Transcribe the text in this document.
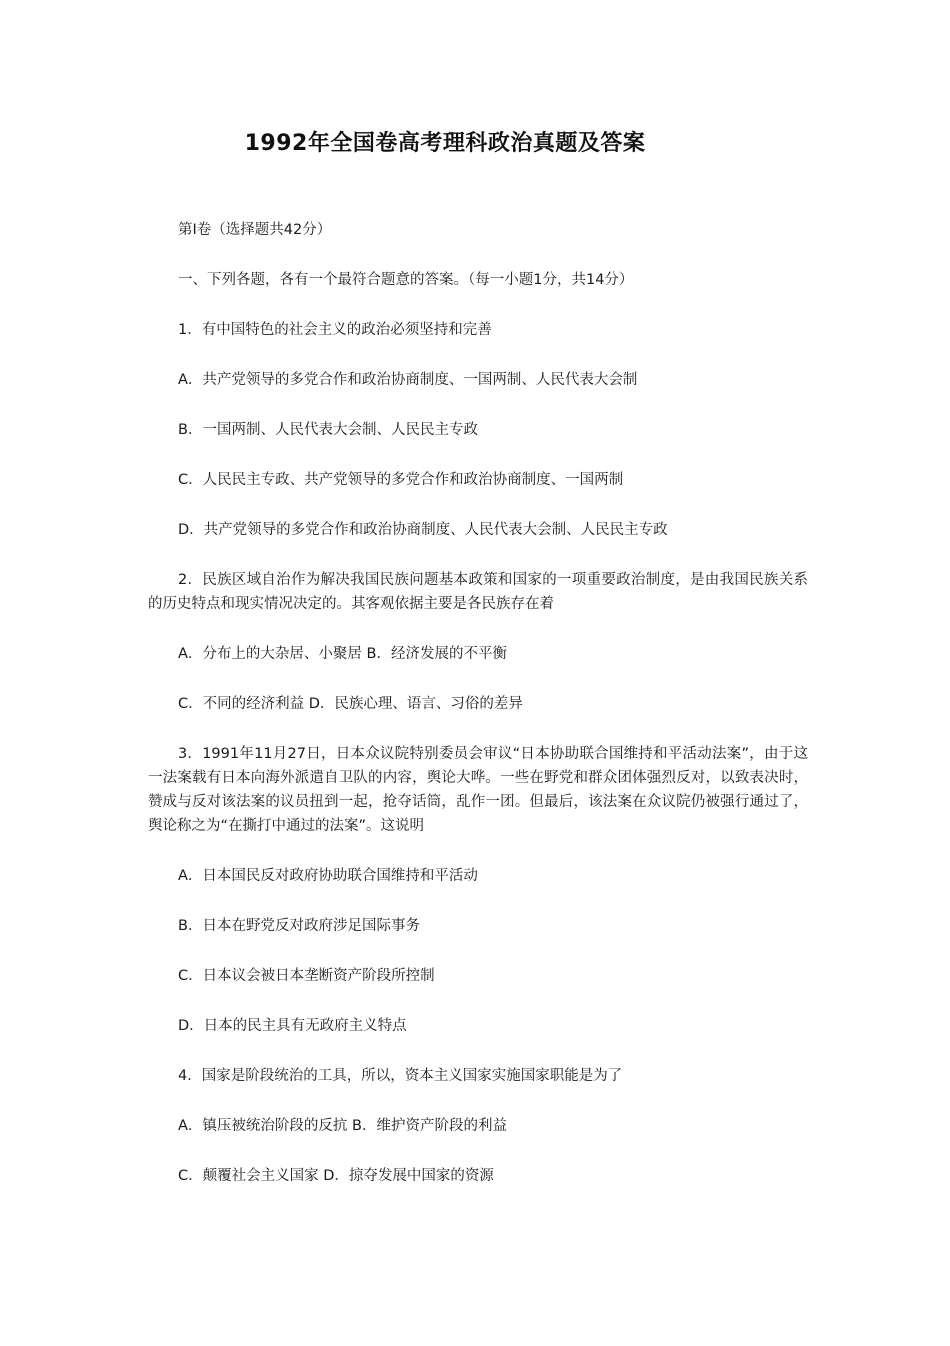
1992年全国卷高考理科政治真题及答案

第I卷（选择题共42分）

一、下列各题，各有一个最符合题意的答案。（每一小题1分，共14分）

1．有中国特色的社会主义的政治必须坚持和完善

A．共产党领导的多党合作和政治协商制度、一国两制、人民代表大会制

B．一国两制、人民代表大会制、人民民主专政

C．人民民主专政、共产党领导的多党合作和政治协商制度、一国两制

D．共产党领导的多党合作和政治协商制度、人民代表大会制、人民民主专政

2．民族区域自治作为解决我国民族问题基本政策和国家的一项重要政治制度，是由我国民族关系的历史特点和现实情况决定的。其客观依据主要是各民族存在着

A．分布上的大杂居、小聚居 B．经济发展的不平衡

C．不同的经济利益 D．民族心理、语言、习俗的差异

3．1991年11月27日，日本众议院特别委员会审议“日本协助联合国维持和平活动法案”，由于这一法案载有日本向海外派遣自卫队的内容，舆论大哗。一些在野党和群众团体强烈反对，以致表决时，赞成与反对该法案的议员扭到一起，抢夺话筒，乱作一团。但最后，该法案在众议院仍被强行通过了，舆论称之为“在撕打中通过的法案”。这说明

A．日本国民反对政府协助联合国维持和平活动

B．日本在野党反对政府涉足国际事务

C．日本议会被日本垄断资产阶段所控制

D．日本的民主具有无政府主义特点

4．国家是阶段统治的工具，所以，资本主义国家实施国家职能是为了

A．镇压被统治阶段的反抗 B．维护资产阶段的利益

C．颠覆社会主义国家 D．掠夺发展中国家的资源
